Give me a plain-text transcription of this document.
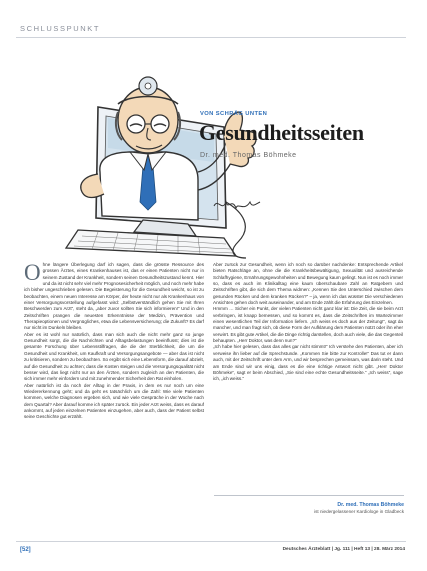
SCHLUSSPUNKT
VON SCHRÄG UNTEN
Gesundheitsseiten
Dr. med. Thomas Böhmeke

Ohne längere Überlegung darf ich sagen, dass die grösste Ressource des grossen Ärztes, eines Krankenhauses ist, das er einen Patienten nicht nur in seinem Zustand der Krankheit, sondern seinen Gesundheitszustand kennt. Hier und da ist nicht sehr viel mehr Prognosesicherheit möglich, und noch mehr habe ich bisher ungeschrieben gelesen. Die Begeisterung für die Gesundheit weicht, so ist zu beobachten, einem neuen Interesse am Körper, der heute nicht nur als Krankenhaus von einer Versorgungsvorstellung aufgefasst wird: „Selbstverständlich gehen Sie mit Ihren Beschwerden zum Arzt“, steht da, „aber zuvor sollten Sie sich informieren!“ Und in den Zeitschriften prangen die neuesten Erkenntnisse der Medizin, Prävention und Therapieoptionen und Vergnügliches, etwa die Lebensversicherung; die Zukunft? Es darf nur nicht im Dunkeln bleiben.

Aber es ist wohl nur natürlich, dass man sich auch die nicht mehr ganz so junge Gesundheit sorgt, die die Nachrichten und Alltagsbelastungen beeinflusst; dies ist die gesamte Forschung über Lebensstilfragen, die die der Sterblichkeit, die um die Gesundheit und Krankheit, um Kaufkraft und Versorgungsangebote — aber das ist nicht zu kritisieren, sondern zu beobachten. So ergibt sich eine Lebensform, die darauf abzielt, auf die Gesundheit zu achten; dass die Kosten steigen und die Versorgungsqualität nicht besser wird, das liegt nicht nur an den Ärzten, sondern zugleich an den Patienten, die sich immer mehr einfordern und mit zunehmender Sicherheit den Rat einholen.

Aber natürlich ist da noch der Alltag in der Praxis, in dem es nur noch um eine Wiedererkennung geht; und da geht es tatsächlich um die Zahl: Wie viele Patienten kommen, welche Diagnosen ergeben sich, und wie viele Gespräche in der Woche nach dem Quartal? Aber darauf komme ich später zurück. Ein jeder Arzt weiss, dass es darauf ankommt, auf jeden einzelnen Patienten einzugehen, aber auch, dass der Patient selbst seine Geschichte gut erzählt.

Aber zurück zur Gesundheit, wenn ich noch so darüber nachdenke: Entsprechende Artikel bieten Ratschläge an, ohne die die Krankheitsbewältigung, Sexualität und ausreichende Schlafhygiene, Ernährungsgewohnheiten und Bewegung kaum gelingt. Nun ist es noch immer so, dass es auch im Klinikalltag eine kaum überschaubare Zahl an Ratgebern und Zeitschriften gibt, die sich dem Thema widmen: „Kennen Sie den Unterschied zwischen dem gesunden Rücken und dem kranken Rücken?“ – ja, wenn ich das wüsste! Die verschiedenen Ansichten gehen doch weit auseinander, und am Ende zählt die Erfahrung des Einzelnen.

Hmmm … Sicher ein Punkt, der vielen Patienten nicht ganz klar ist: Die Zeit, die sie beim Arzt verbringen, ist knapp bemessen, und so kommt es, dass die Zeitschriften im Wartezimmer einen wesentlichen Teil der Information liefern. „Ich weiss es doch aus der Zeitung!“, sagt da mancher, und man fragt sich, ob diese Form der Aufklärung dem Patienten nützt oder ihn eher verwirrt. Es gibt gute Artikel, die die Dinge richtig darstellen, doch auch viele, die das Gegenteil behaupten. „Herr Doktor, was denn nun?“

„Ich habe hier gelesen, dass das alles gar nicht stimmt!“ Ich verstehe den Patienten, aber ich verweise ihn lieber auf die Sprechstunde. „Kommen Sie bitte zur Kontrolle!“ Das tut er dann auch, mit der Zeitschrift unter dem Arm, und wir besprechen gemeinsam, was darin steht. Und am Ende sind wir uns einig, dass es die eine richtige Antwort nicht gibt. „Herr Doktor Böhmeke“, sagt er beim Abschied, „Sie sind eine echte Gesundheitsseite.“ „Ich weiss“, sage ich, „ich weiss.“

Dr. med. Thomas Böhmeke
ist niedergelassener Kardiologe in Gladbeck
[52]	Deutsches Ärzteblatt | Jg. 111 | Heft 13 | 28. März 2014
